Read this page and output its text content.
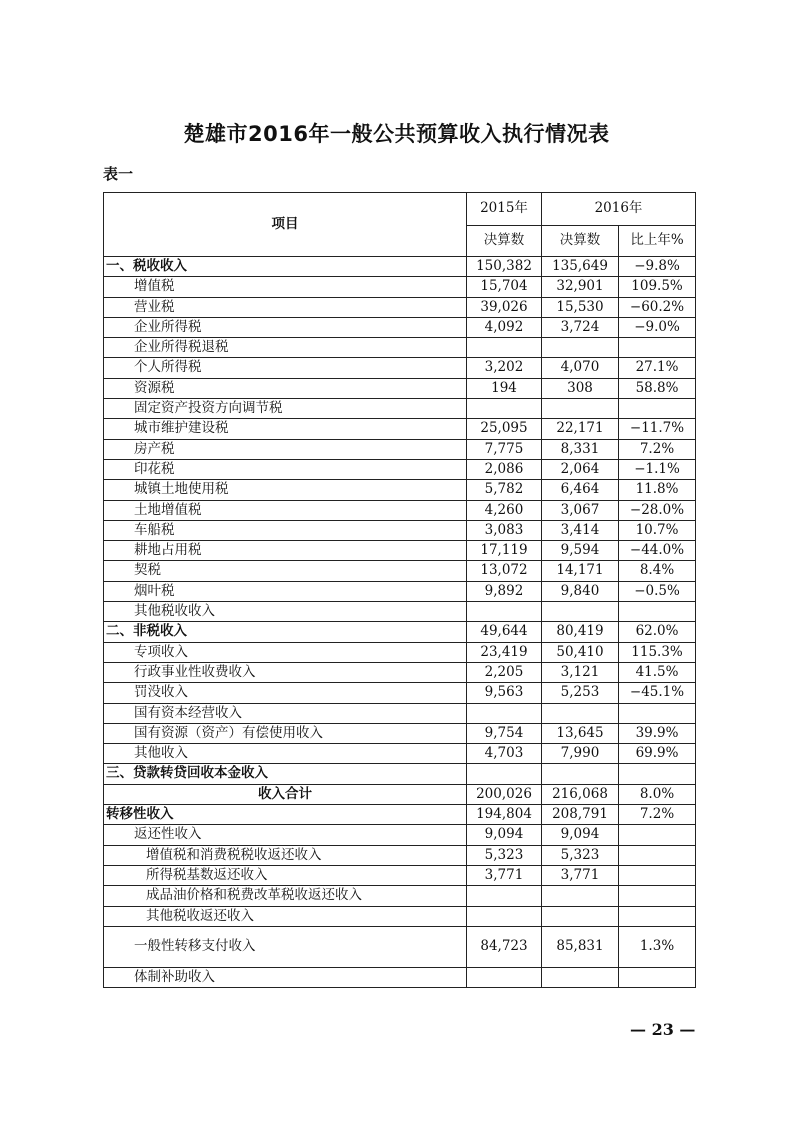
楚雄市2016年一般公共预算收入执行情况表
表一
项目	2015年	2016年	
	决算数	决算数	比上年%
一、税收收入	150,382	135,649	−9.8%
增值税	15,704	32,901	109.5%
营业税	39,026	15,530	−60.2%
企业所得税	4,092	3,724	−9.0%
企业所得税退税			
个人所得税	3,202	4,070	27.1%
资源税	194	308	58.8%
固定资产投资方向调节税			
城市维护建设税	25,095	22,171	−11.7%
房产税	7,775	8,331	7.2%
印花税	2,086	2,064	−1.1%
城镇土地使用税	5,782	6,464	11.8%
土地增值税	4,260	3,067	−28.0%
车船税	3,083	3,414	10.7%
耕地占用税	17,119	9,594	−44.0%
契税	13,072	14,171	8.4%
烟叶税	9,892	9,840	−0.5%
其他税收收入			
二、非税收入	49,644	80,419	62.0%
专项收入	23,419	50,410	115.3%
行政事业性收费收入	2,205	3,121	41.5%
罚没收入	9,563	5,253	−45.1%
国有资本经营收入			
国有资源（资产）有偿使用收入	9,754	13,645	39.9%
其他收入	4,703	7,990	69.9%
三、贷款转贷回收本金收入			
收入合计	200,026	216,068	8.0%
转移性收入	194,804	208,791	7.2%
返还性收入	9,094	9,094	
增值税和消费税税收返还收入	5,323	5,323	
所得税基数返还收入	3,771	3,771	
成品油价格和税费改革税收返还收入			
其他税收返还收入			
一般性转移支付收入	84,723	85,831	1.3%
体制补助收入			
— 23 —
